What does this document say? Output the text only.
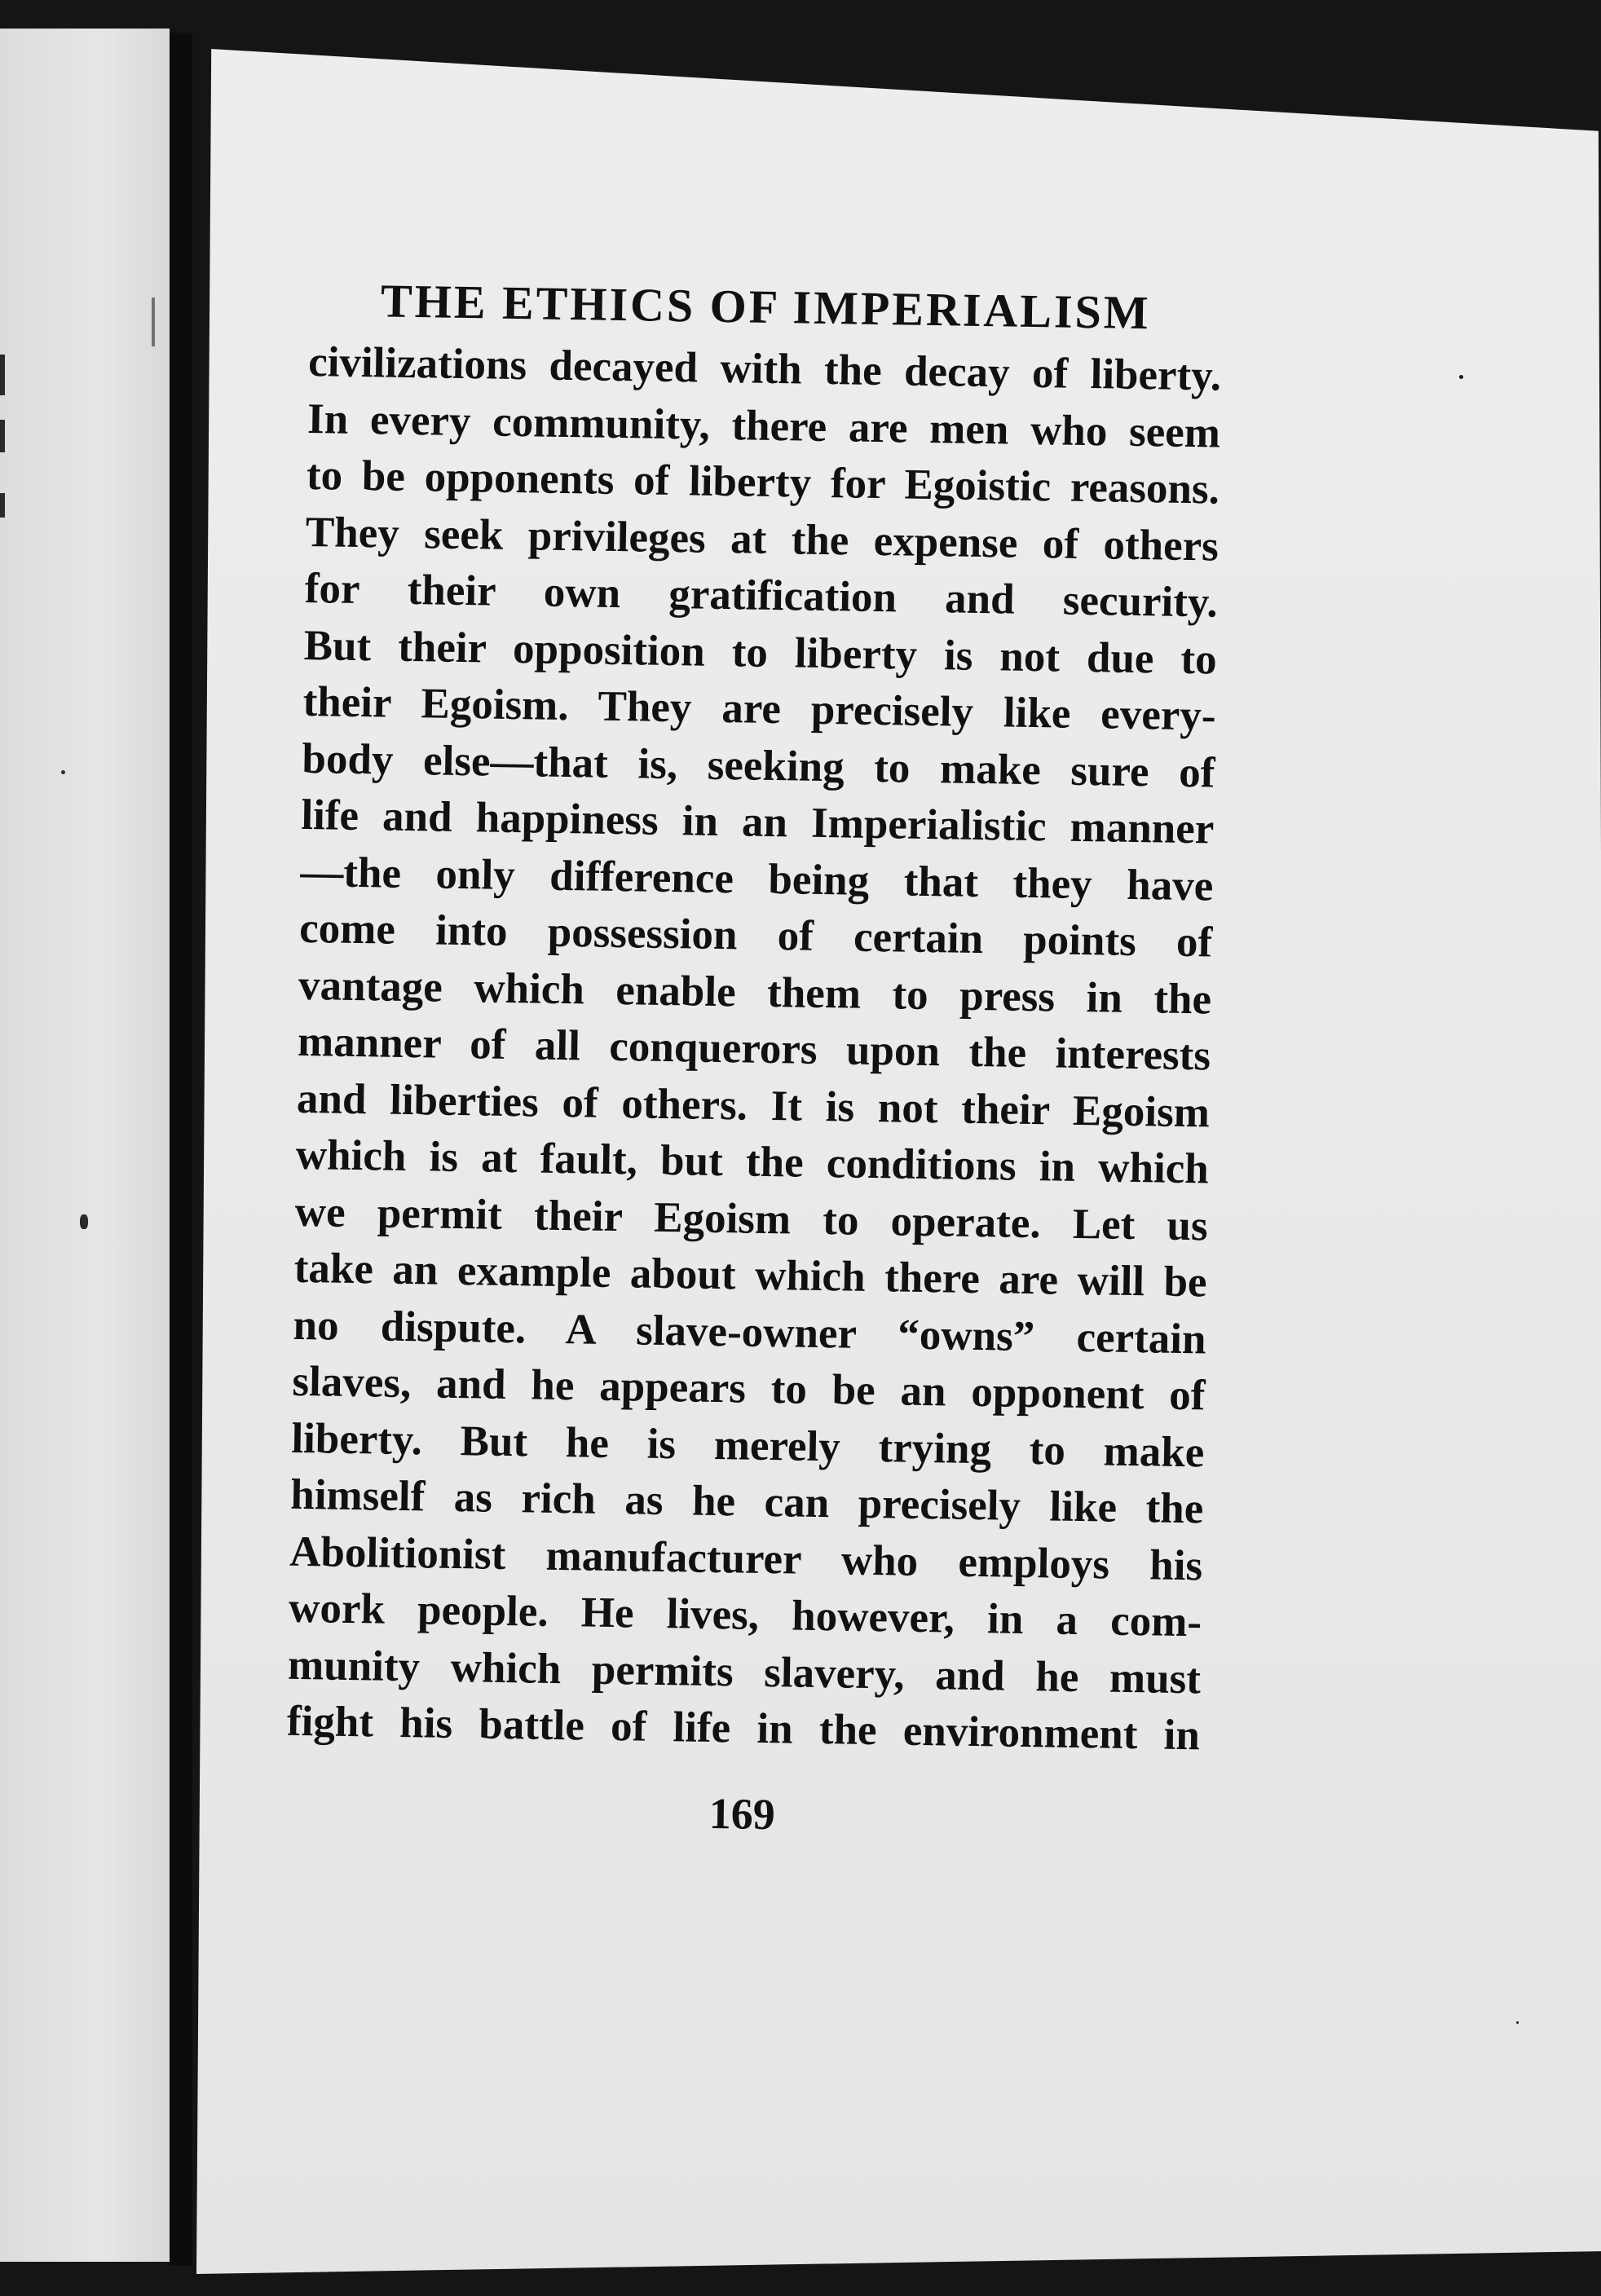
THE ETHICS OF IMPERIALISM
civilizations decayed with the decay of liberty.
In every community, there are men who seem
to be opponents of liberty for Egoistic reasons.
They seek privileges at the expense of others
for their own gratification and security.
But their opposition to liberty is not due to
their Egoism. They are precisely like every-
body else—that is, seeking to make sure of
life and happiness in an Imperialistic manner
—the only difference being that they have
come into possession of certain points of
vantage which enable them to press in the
manner of all conquerors upon the interests
and liberties of others. It is not their Egoism
which is at fault, but the conditions in which
we permit their Egoism to operate. Let us
take an example about which there are will be
no dispute. A slave-owner “owns” certain
slaves, and he appears to be an opponent of
liberty. But he is merely trying to make
himself as rich as he can precisely like the
Abolitionist manufacturer who employs his
work people. He lives, however, in a com-
munity which permits slavery, and he must
fight his battle of life in the environment in
169
